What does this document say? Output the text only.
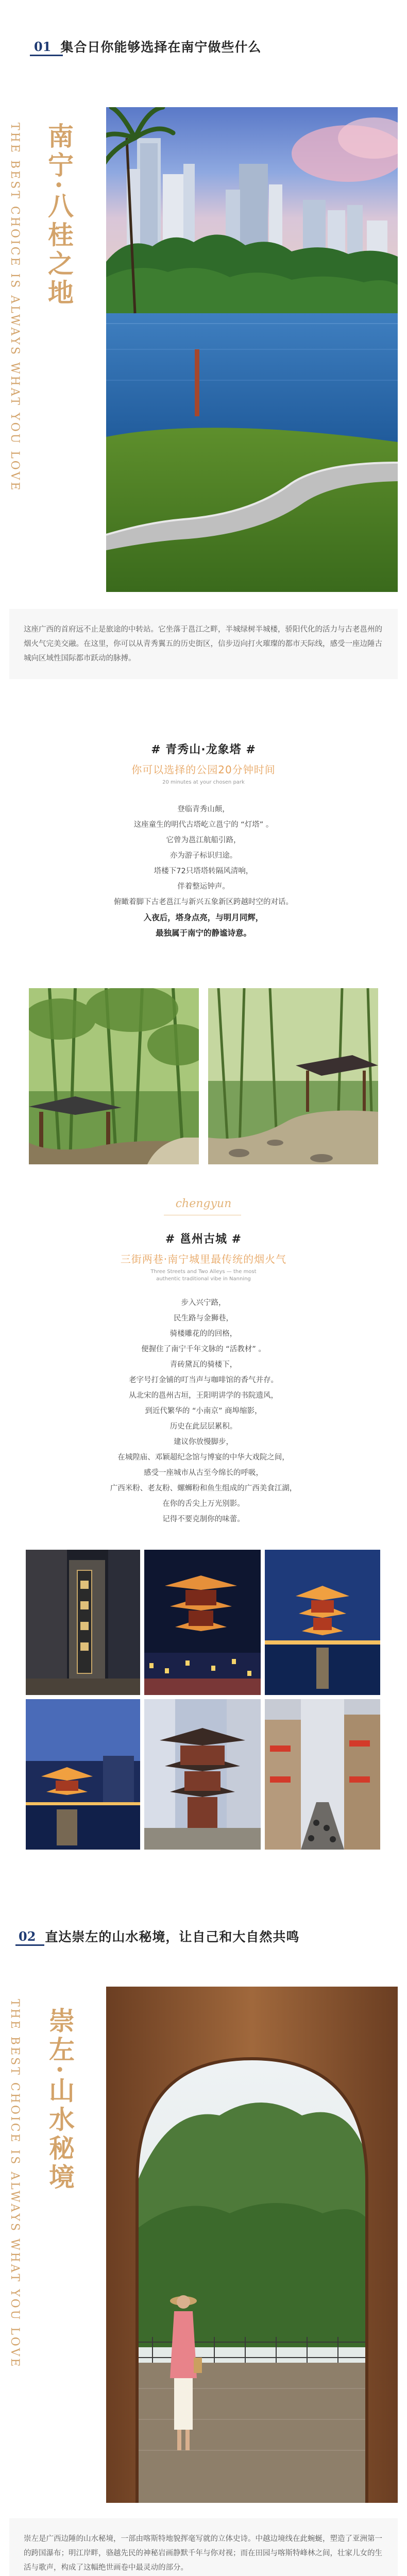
01 集合日你能够选择在南宁做些什么
南宁·八桂之地
THE BEST CHOICE IS ALWAYS WHAT YOU LOVE

这座广西的首府远不止是旅途的中转站。它坐落于邕江之畔，半城绿树半城楼，骄阳代化的活力与古老邕州的烟火气完美交融。在这里，你可以从青秀翼五的历史街区，信步迈向打火璀璨的都市天际线，感受一座边陲古城向区域性国际都市跃动的脉搏。

# 青秀山·龙象塔 #
你可以选择的公园20分钟时间
20 minutes at your chosen park
登临青秀山颠，
这座童生的明代古塔屹立邕宁的 “灯塔” 。
它曾为邕江航船引路，
亦为游子标识归途。
塔楼下72只塔塔转隔风清响，
伴着整运钟声。
俯瞰着脚下古老邕江与新兴五象新区跨越时空的对话。
入夜后，塔身点亮，与明月同辉，
最独属于南宁的静谧诗意。
chengyun
# 邕州古城 #
三街两巷·南宁城里最传统的烟火气
Three Streets and Two Alleys — the most
authentic traditional vibe in Nanning
步入兴宁路，
民生路与金狮巷，
骑楼雕花的的回格，
便握住了南宁千年文脉的 “活教材” 。
青砖黛瓦的骑楼下，
老字号打金铺的叮当声与咖啡馆的香气并存。
从北宋的邕州古垣，王阳明讲学的书院遗风，
到近代繁华的 “小南京” 商埠缩影，
历史在此层层累积。
建议你放慢脚步，
在城隍庙、邓颖超纪念馆与博宴的中华大戏院之间，
感受一座城市从古至今绵长的呼吸，
广西米粉、老友粉、螺蛳粉和鱼生组成的广西美食江湖，
在你的舌尖上万光别影。
记得不要克制你的味蕾。
02 直达崇左的山水秘境，让自己和大自然共鸣
崇左·山水秘境
THE BEST CHOICE IS ALWAYS WHAT YOU LOVE

崇左是广西边陲的山水秘境，一部由喀斯特地貌挥毫写就的立体史诗。中越边境线在此蜿蜒，塑造了亚洲第一的跨国瀑布；明江岸畔，骆越先民的神秘岩画静默千年与你对视；而在田园与喀斯特峰林之间，壮家儿女的生活与歌声，构成了这幅绝世画卷中最灵动的部分。
